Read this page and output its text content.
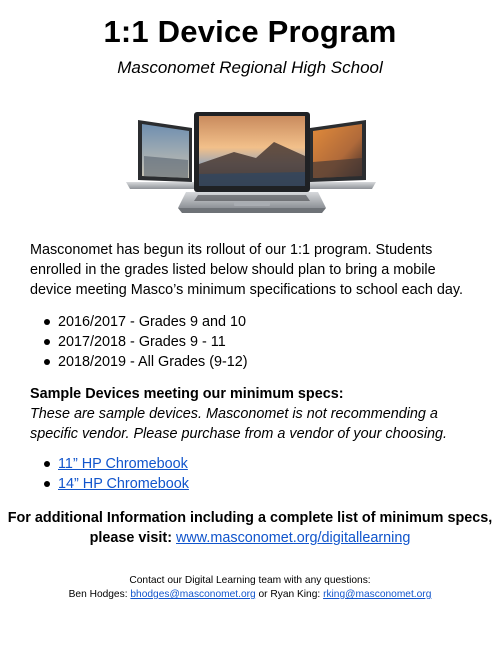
1:1 Device Program
Masconomet Regional High School
Masconomet has begun its rollout of our 1:1 program. Students enrolled in the grades listed below should plan to bring a mobile device meeting Masco’s minimum specifications to school each day.
2016/2017 - Grades 9 and 10
2017/2018 - Grades 9 - 11
2018/2019 - All Grades (9-12)
Sample Devices meeting our minimum specs:
These are sample devices. Masconomet is not recommending a specific vendor. Please purchase from a vendor of your choosing.
11” HP Chromebook
14” HP Chromebook
For additional Information including a complete list of minimum specs,
please visit: www.masconomet.org/digitallearning
Contact our Digital Learning team with any questions:
Ben Hodges: bhodges@masconomet.org or Ryan King: rking@masconomet.org
